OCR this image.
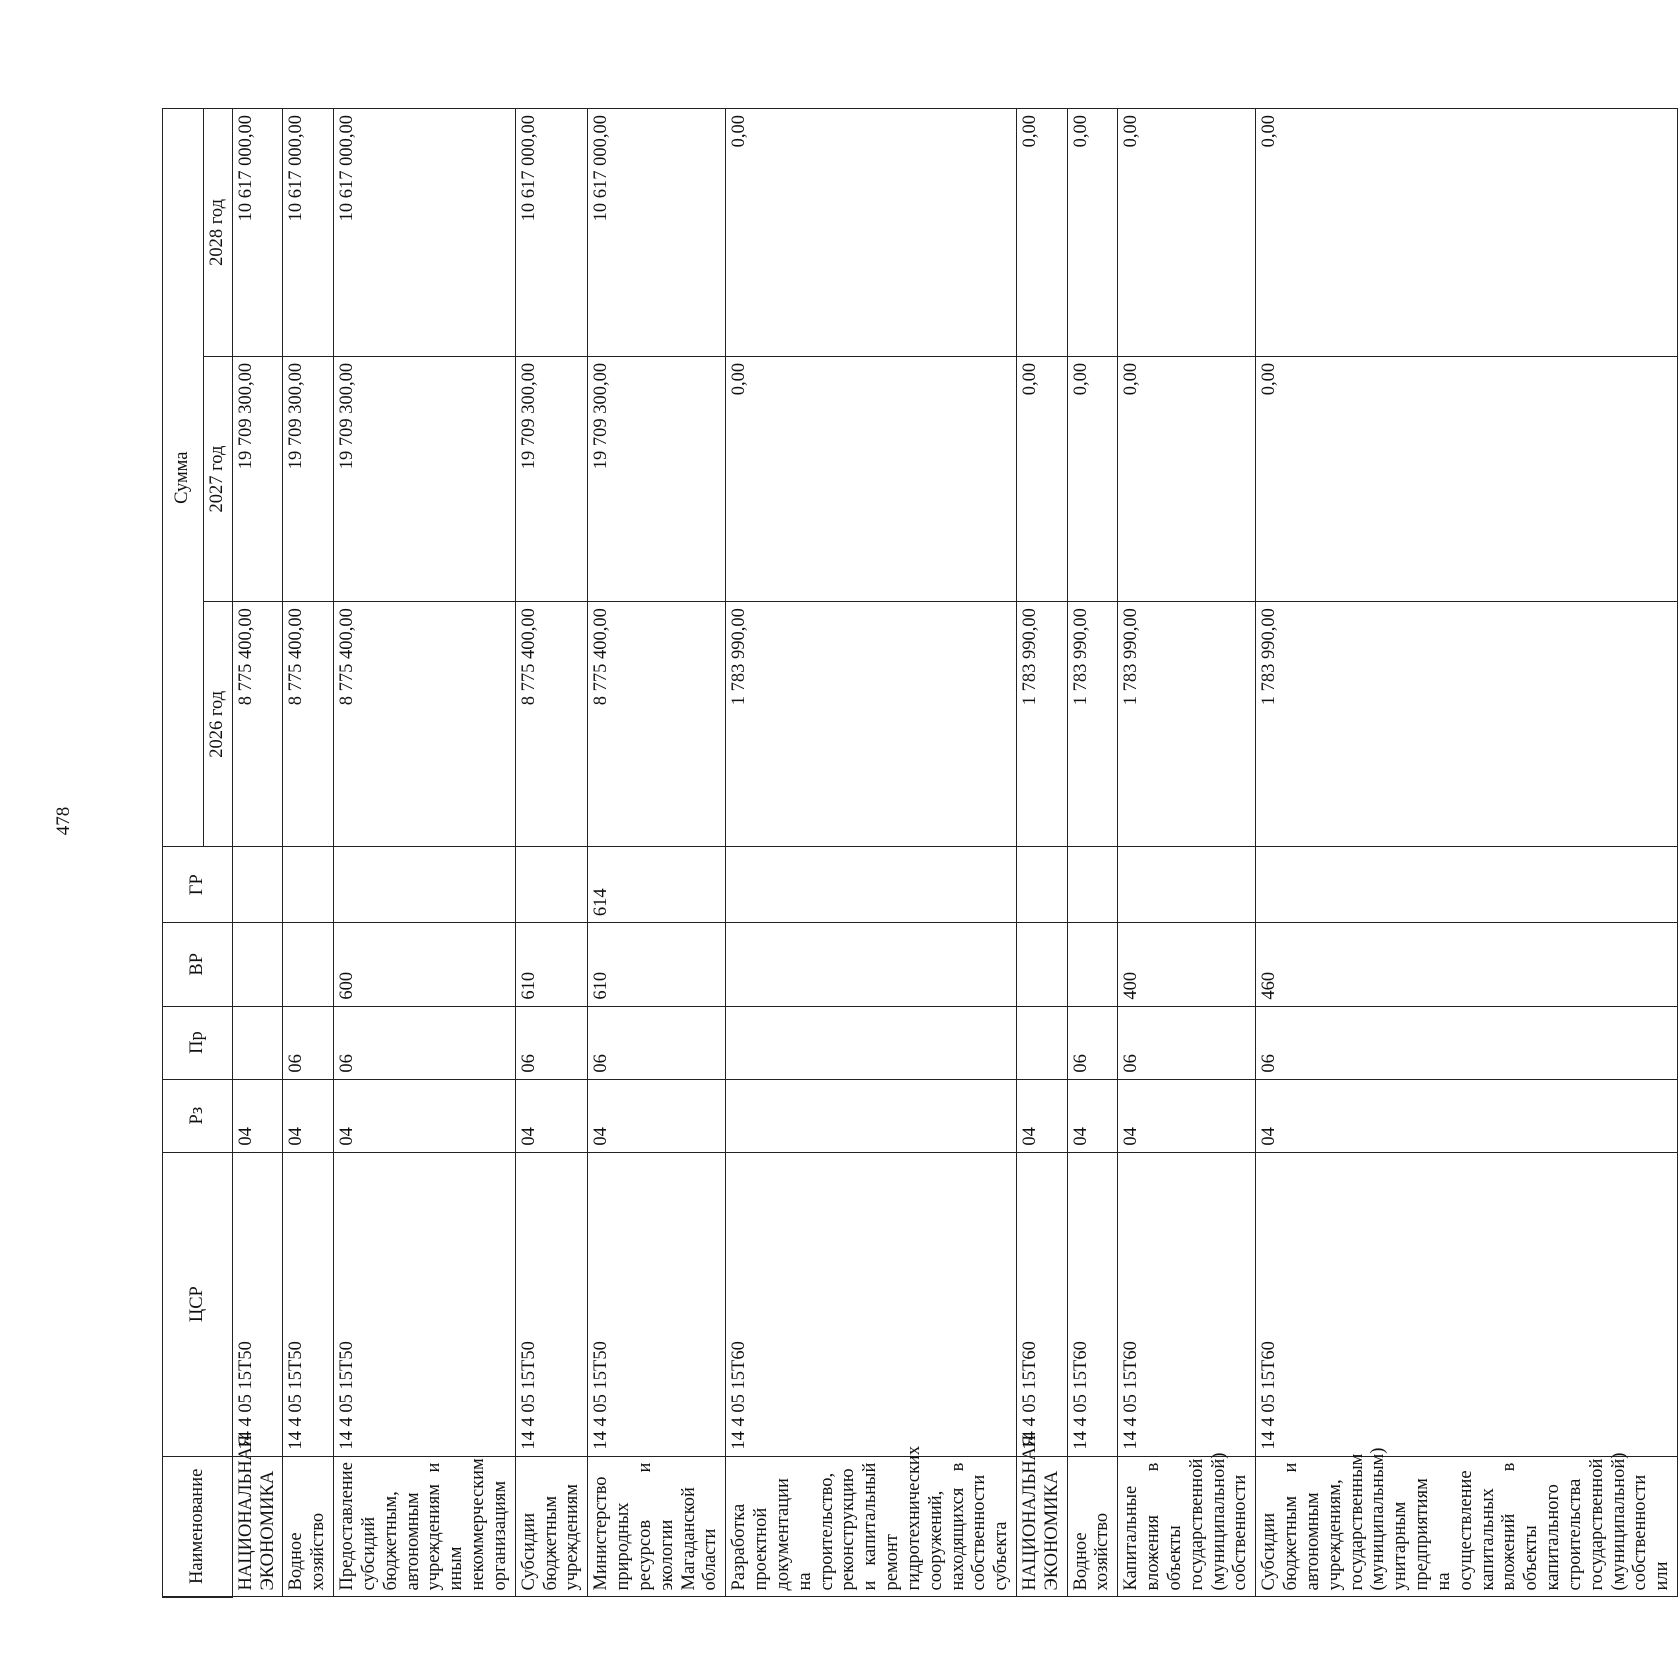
478
Наименование	ЦСР	Рз	Пр	ВР	ГР	Сумма		
						2026 год	2027 год	2028 год
НАЦИОНАЛЬНАЯ ЭКОНОМИКА	14 4 05 15Т50	04				8 775 400,00	19 709 300,00	10 617 000,00
Водное хозяйство	14 4 05 15Т50	04	06			8 775 400,00	19 709 300,00	10 617 000,00
Предоставление субсидий бюджетным, автономным учреждениям и иным некоммерческим организациям	14 4 05 15Т50	04	06	600		8 775 400,00	19 709 300,00	10 617 000,00
Субсидии бюджетным учреждениям	14 4 05 15Т50	04	06	610		8 775 400,00	19 709 300,00	10 617 000,00
Министерство природных ресурсов и экологии Магаданской области	14 4 05 15Т50	04	06	610	614	8 775 400,00	19 709 300,00	10 617 000,00
Разработка проектной документации на строительство, реконструкцию и капитальный ремонт гидротехнических сооружений, находящихся в собственности субъекта	14 4 05 15Т60					1 783 990,00	0,00	0,00
НАЦИОНАЛЬНАЯ ЭКОНОМИКА	14 4 05 15Т60	04				1 783 990,00	0,00	0,00
Водное хозяйство	14 4 05 15Т60	04	06			1 783 990,00	0,00	0,00
Капитальные вложения в объекты государственной (муниципальной) собственности	14 4 05 15Т60	04	06	400		1 783 990,00	0,00	0,00
Субсидии бюджетным и автономным учреждениям, государственным (муниципальным) унитарным предприятиям на осуществление капитальных вложений в объекты капитального строительства государственной (муниципальной) собственности или	14 4 05 15Т60	04	06	460		1 783 990,00	0,00	0,00
